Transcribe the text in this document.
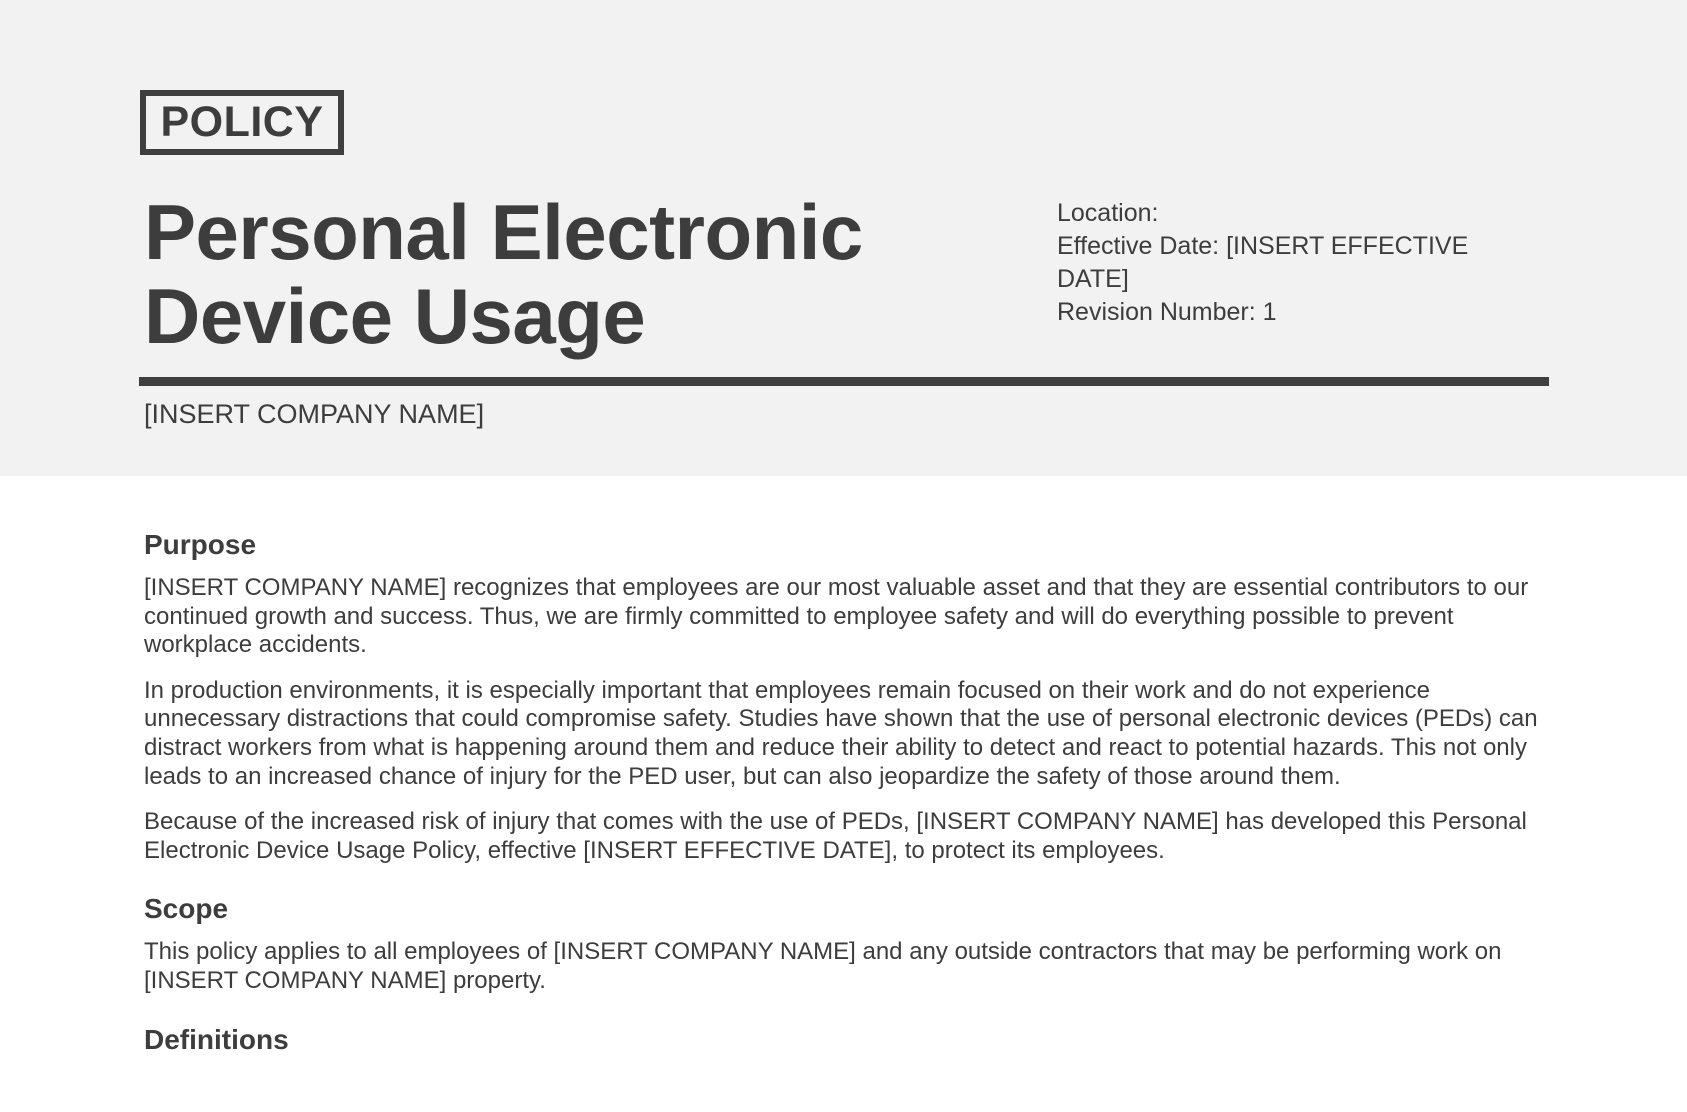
POLICY
Personal Electronic
Device Usage
Location:
Effective Date: [INSERT EFFECTIVE
DATE]
Revision Number: 1
[INSERT COMPANY NAME]
Purpose

[INSERT COMPANY NAME] recognizes that employees are our most valuable asset and that they are essential contributors to our continued growth and success. Thus, we are firmly committed to employee safety and will do everything possible to prevent workplace accidents.

In production environments, it is especially important that employees remain focused on their work and do not experience unnecessary distractions that could compromise safety. Studies have shown that the use of personal electronic devices (PEDs) can distract workers from what is happening around them and reduce their ability to detect and react to potential hazards. This not only leads to an increased chance of injury for the PED user, but can also jeopardize the safety of those around them.

Because of the increased risk of injury that comes with the use of PEDs, [INSERT COMPANY NAME] has developed this Personal Electronic Device Usage Policy, effective [INSERT EFFECTIVE DATE], to protect its employees.

Scope

This policy applies to all employees of [INSERT COMPANY NAME] and any outside contractors that may be performing work on [INSERT COMPANY NAME] property.

Definitions
